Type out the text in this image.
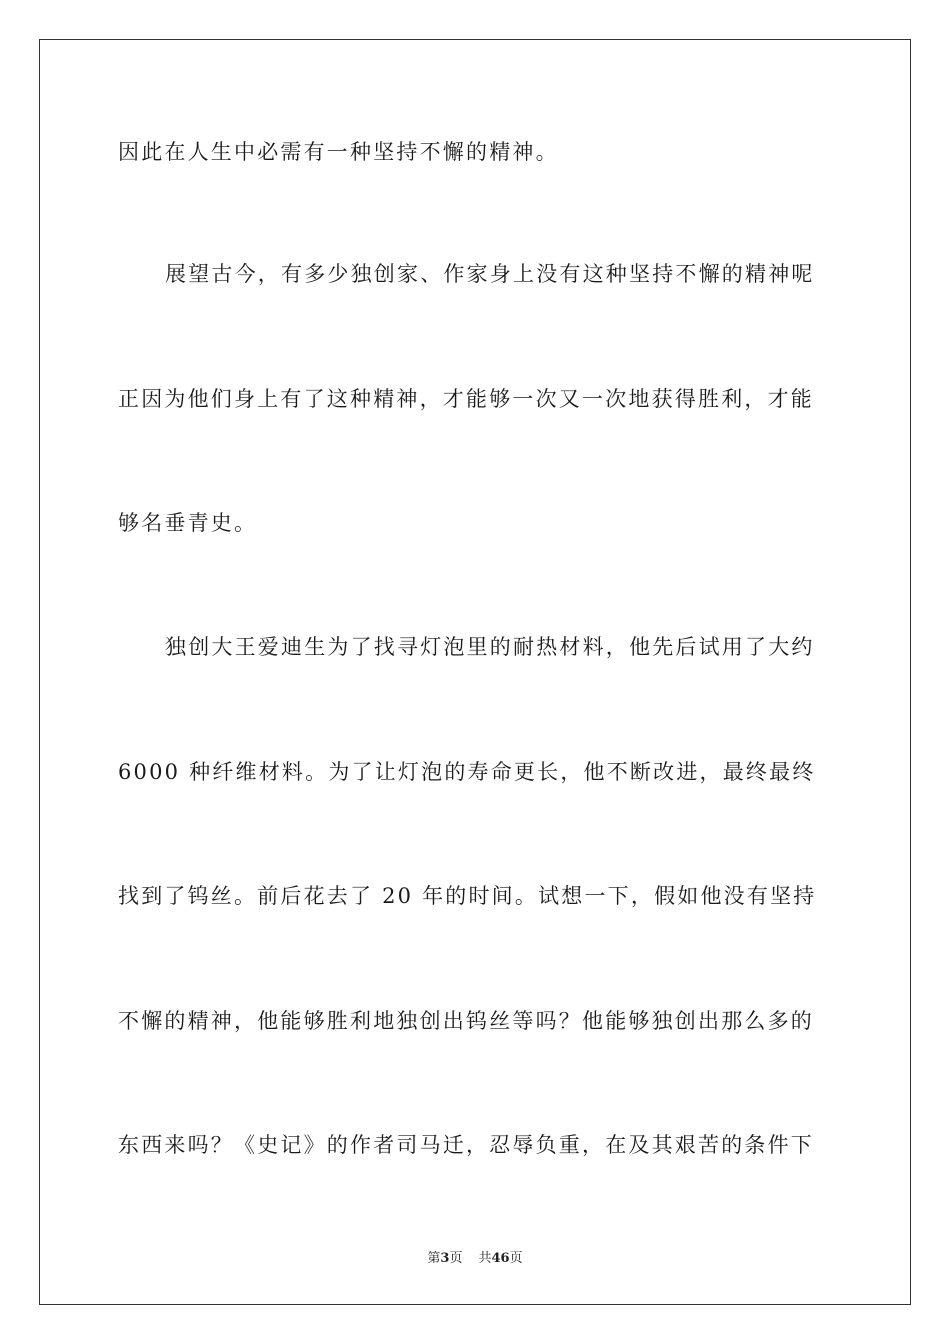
因此在人生中必需有一种坚持不懈的精神。
展望古今，有多少独创家、作家身上没有这种坚持不懈的精神呢
正因为他们身上有了这种精神，才能够一次又一次地获得胜利，才能
够名垂青史。
独创大王爱迪生为了找寻灯泡里的耐热材料，他先后试用了大约
6000 种纤维材料。为了让灯泡的寿命更长，他不断改进，最终最终
找到了钨丝。前后花去了 20 年的时间。试想一下，假如他没有坚持
不懈的精神，他能够胜利地独创出钨丝等吗？他能够独创出那么多的
东西来吗？《史记》的作者司马迁，忍辱负重，在及其艰苦的条件下
第3页 共46页
